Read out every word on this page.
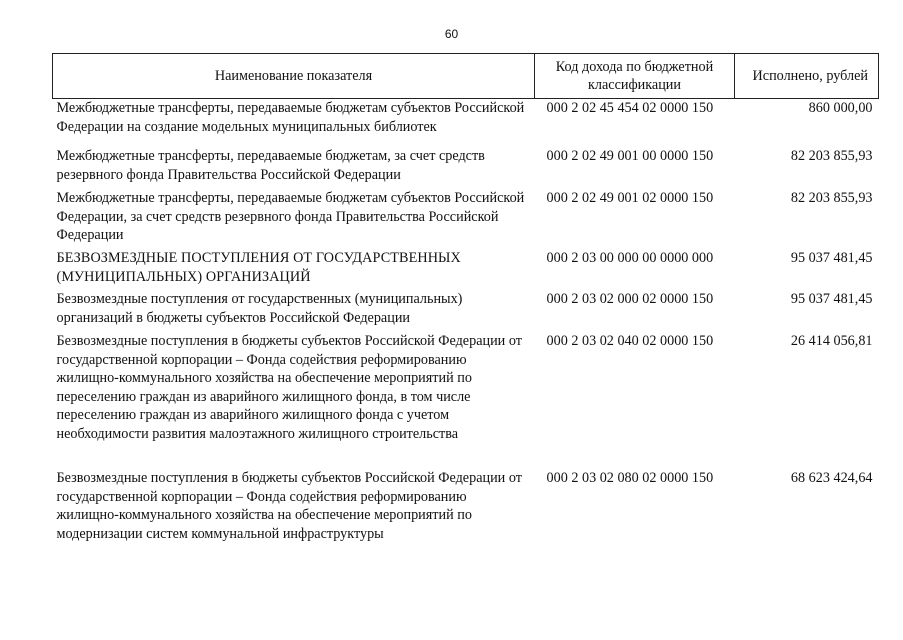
60
Наименование показателя	Код дохода по бюджетной классификации	Исполнено, рублей
Межбюджетные трансферты, передаваемые бюджетам субъектов Российской Федерации на создание модельных муниципальных библиотек	000 2 02 45 454 02 0000 150	860 000,00
Межбюджетные трансферты, передаваемые бюджетам, за счет средств резервного фонда Правительства Российской Федерации	000 2 02 49 001 00 0000 150	82 203 855,93
Межбюджетные трансферты, передаваемые бюджетам субъектов Российской Федерации, за счет средств резервного фонда Правительства Российской Федерации	000 2 02 49 001 02 0000 150	82 203 855,93
БЕЗВОЗМЕЗДНЫЕ ПОСТУПЛЕНИЯ ОТ ГОСУДАРСТВЕННЫХ (МУНИЦИПАЛЬНЫХ) ОРГАНИЗАЦИЙ	000 2 03 00 000 00 0000 000	95 037 481,45
Безвозмездные поступления от государственных (муниципальных) организаций в бюджеты субъектов Российской Федерации	000 2 03 02 000 02 0000 150	95 037 481,45
Безвозмездные поступления в бюджеты субъектов Российской Федерации от государственной корпорации – Фонда содействия реформированию жилищно-коммунального хозяйства на обеспечение мероприятий по переселению граждан из аварийного жилищного фонда, в том числе переселению граждан из аварийного жилищного фонда с учетом необходимости развития малоэтажного жилищного строительства	000 2 03 02 040 02 0000 150	26 414 056,81
Безвозмездные поступления в бюджеты субъектов Российской Федерации от государственной корпорации – Фонда содействия реформированию жилищно-коммунального хозяйства на обеспечение мероприятий по модернизации систем коммунальной инфраструктуры	000 2 03 02 080 02 0000 150	68 623 424,64
